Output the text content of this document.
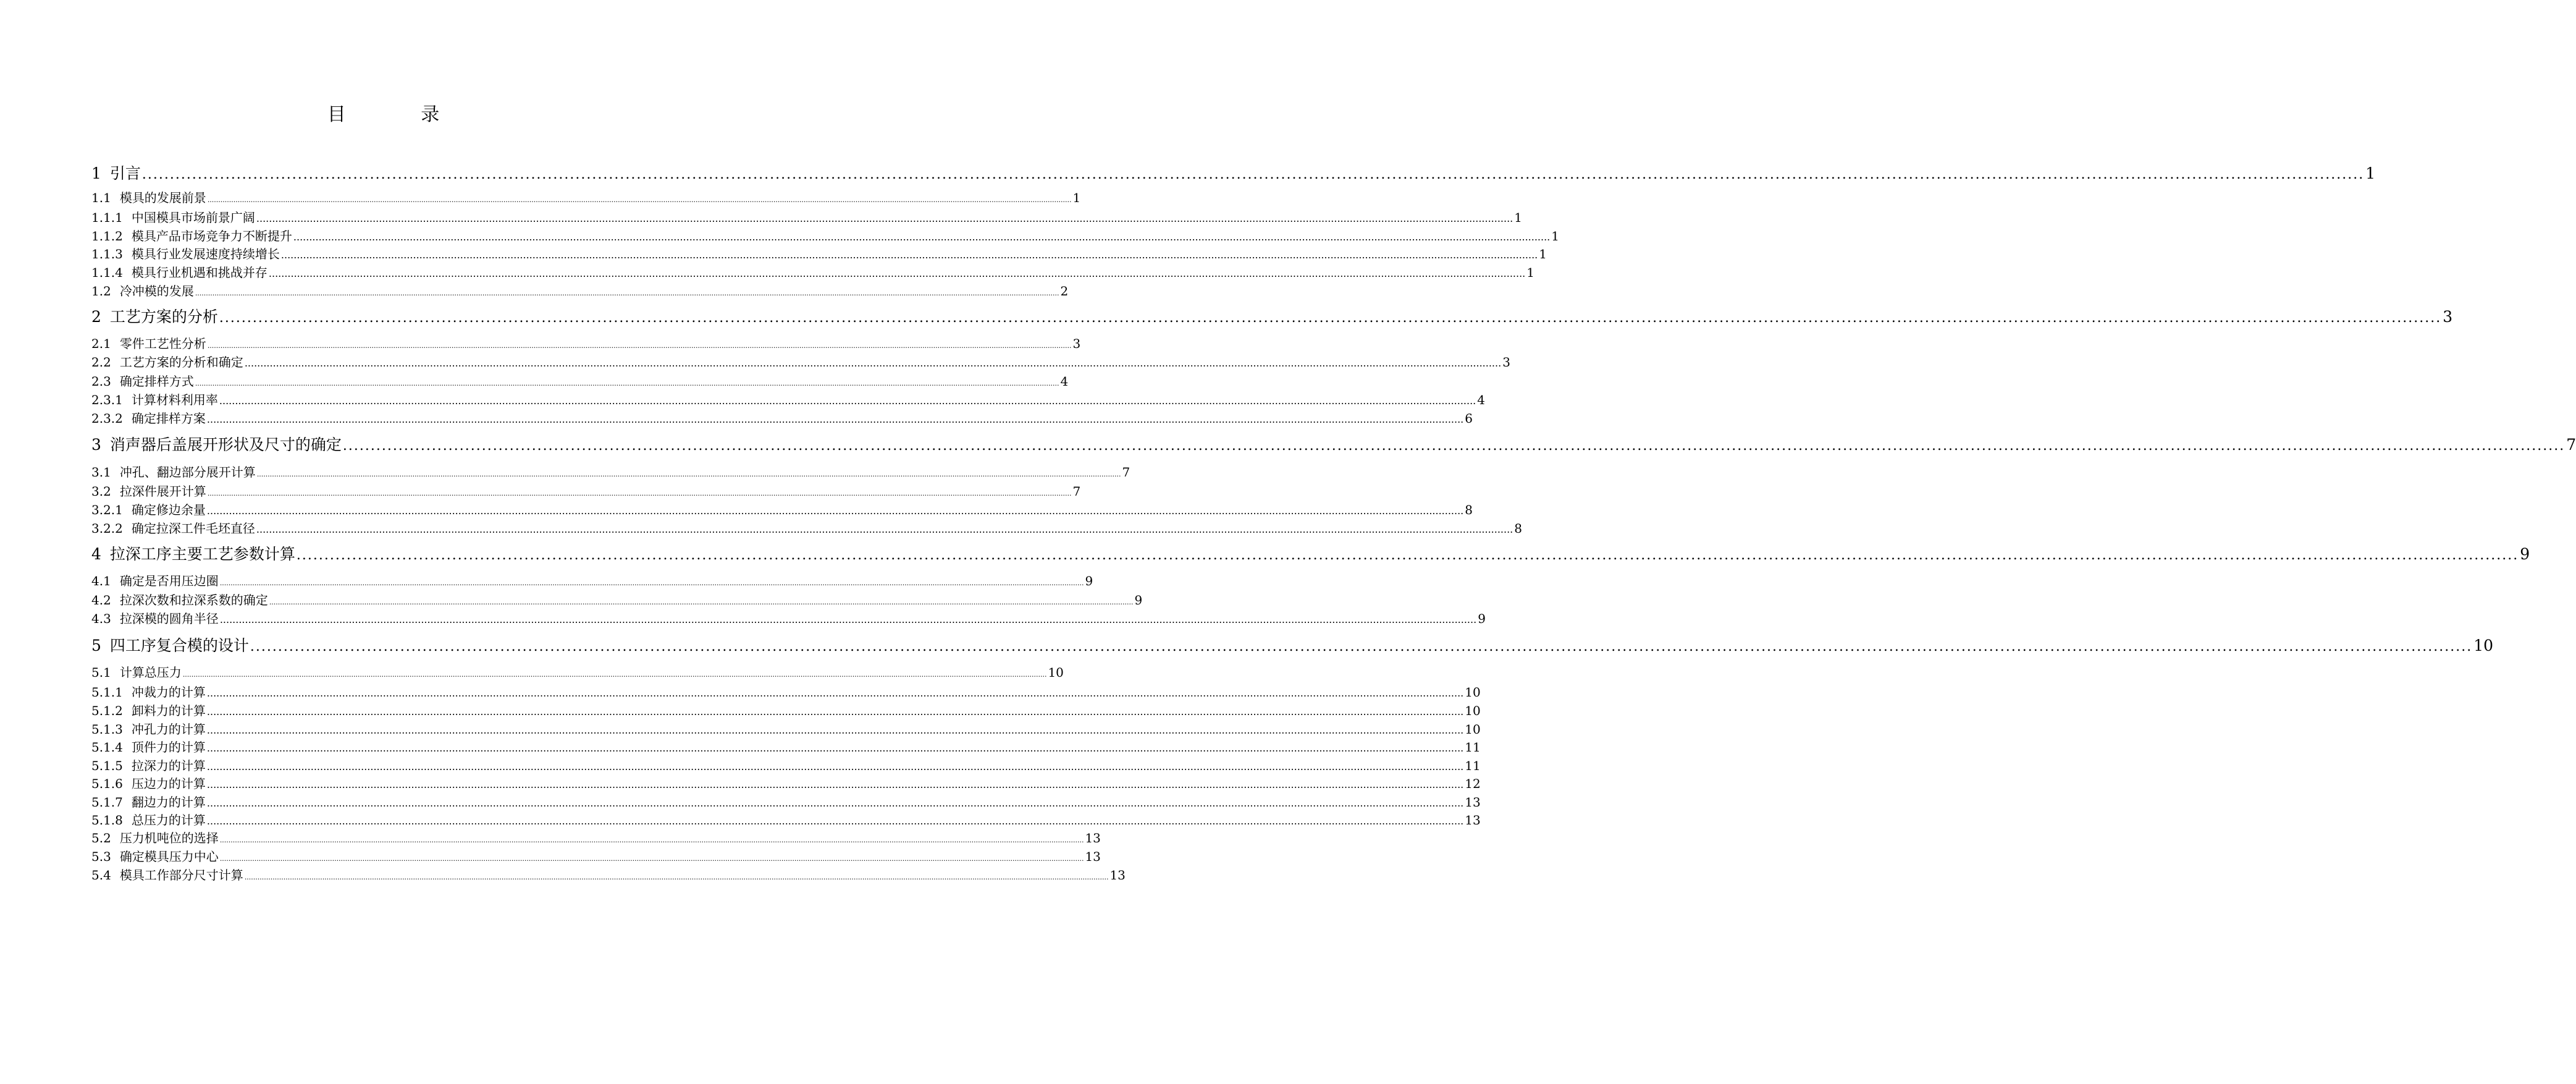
目 录
1 引言 ................................................................................................................................................................................................................................................................................................................................................................................................................ 1
1.1 模具的发展前景 ................................................................................................................................................................................................................................................................................................................................................................................................................ 1
1.1.1 中国模具市场前景广阔 ................................................................................................................................................................................................................................................................................................................................................................................................................ 1
1.1.2 模具产品市场竞争力不断提升 ................................................................................................................................................................................................................................................................................................................................................................................................................ 1
1.1.3 模具行业发展速度持续增长 ................................................................................................................................................................................................................................................................................................................................................................................................................ 1
1.1.4 模具行业机遇和挑战并存 ................................................................................................................................................................................................................................................................................................................................................................................................................ 1
1.2 冷冲模的发展 ................................................................................................................................................................................................................................................................................................................................................................................................................ 2
2 工艺方案的分析 ................................................................................................................................................................................................................................................................................................................................................................................................................ 3
2.1 零件工艺性分析 ................................................................................................................................................................................................................................................................................................................................................................................................................ 3
2.2 工艺方案的分析和确定 ................................................................................................................................................................................................................................................................................................................................................................................................................ 3
2.3 确定排样方式 ................................................................................................................................................................................................................................................................................................................................................................................................................ 4
2.3.1 计算材料利用率 ................................................................................................................................................................................................................................................................................................................................................................................................................ 4
2.3.2 确定排样方案 ................................................................................................................................................................................................................................................................................................................................................................................................................ 6
3 消声器后盖展开形状及尺寸的确定 ................................................................................................................................................................................................................................................................................................................................................................................................................ 7
3.1 冲孔、翻边部分展开计算 ................................................................................................................................................................................................................................................................................................................................................................................................................ 7
3.2 拉深件展开计算 ................................................................................................................................................................................................................................................................................................................................................................................................................ 7
3.2.1 确定修边余量 ................................................................................................................................................................................................................................................................................................................................................................................................................ 8
3.2.2 确定拉深工件毛坯直径 ................................................................................................................................................................................................................................................................................................................................................................................................................ 8
4 拉深工序主要工艺参数计算 ................................................................................................................................................................................................................................................................................................................................................................................................................ 9
4.1 确定是否用压边圈 ................................................................................................................................................................................................................................................................................................................................................................................................................ 9
4.2 拉深次数和拉深系数的确定 ................................................................................................................................................................................................................................................................................................................................................................................................................ 9
4.3 拉深模的圆角半径 ................................................................................................................................................................................................................................................................................................................................................................................................................ 9
5 四工序复合模的设计 ................................................................................................................................................................................................................................................................................................................................................................................................................ 10
5.1 计算总压力 ................................................................................................................................................................................................................................................................................................................................................................................................................ 10
5.1.1 冲裁力的计算 ................................................................................................................................................................................................................................................................................................................................................................................................................ 10
5.1.2 卸料力的计算 ................................................................................................................................................................................................................................................................................................................................................................................................................ 10
5.1.3 冲孔力的计算 ................................................................................................................................................................................................................................................................................................................................................................................................................ 10
5.1.4 顶件力的计算 ................................................................................................................................................................................................................................................................................................................................................................................................................ 11
5.1.5 拉深力的计算 ................................................................................................................................................................................................................................................................................................................................................................................................................ 11
5.1.6 压边力的计算 ................................................................................................................................................................................................................................................................................................................................................................................................................ 12
5.1.7 翻边力的计算 ................................................................................................................................................................................................................................................................................................................................................................................................................ 13
5.1.8 总压力的计算 ................................................................................................................................................................................................................................................................................................................................................................................................................ 13
5.2 压力机吨位的选择 ................................................................................................................................................................................................................................................................................................................................................................................................................ 13
5.3 确定模具压力中心 ................................................................................................................................................................................................................................................................................................................................................................................................................ 13
5.4 模具工作部分尺寸计算 ................................................................................................................................................................................................................................................................................................................................................................................................................ 13
